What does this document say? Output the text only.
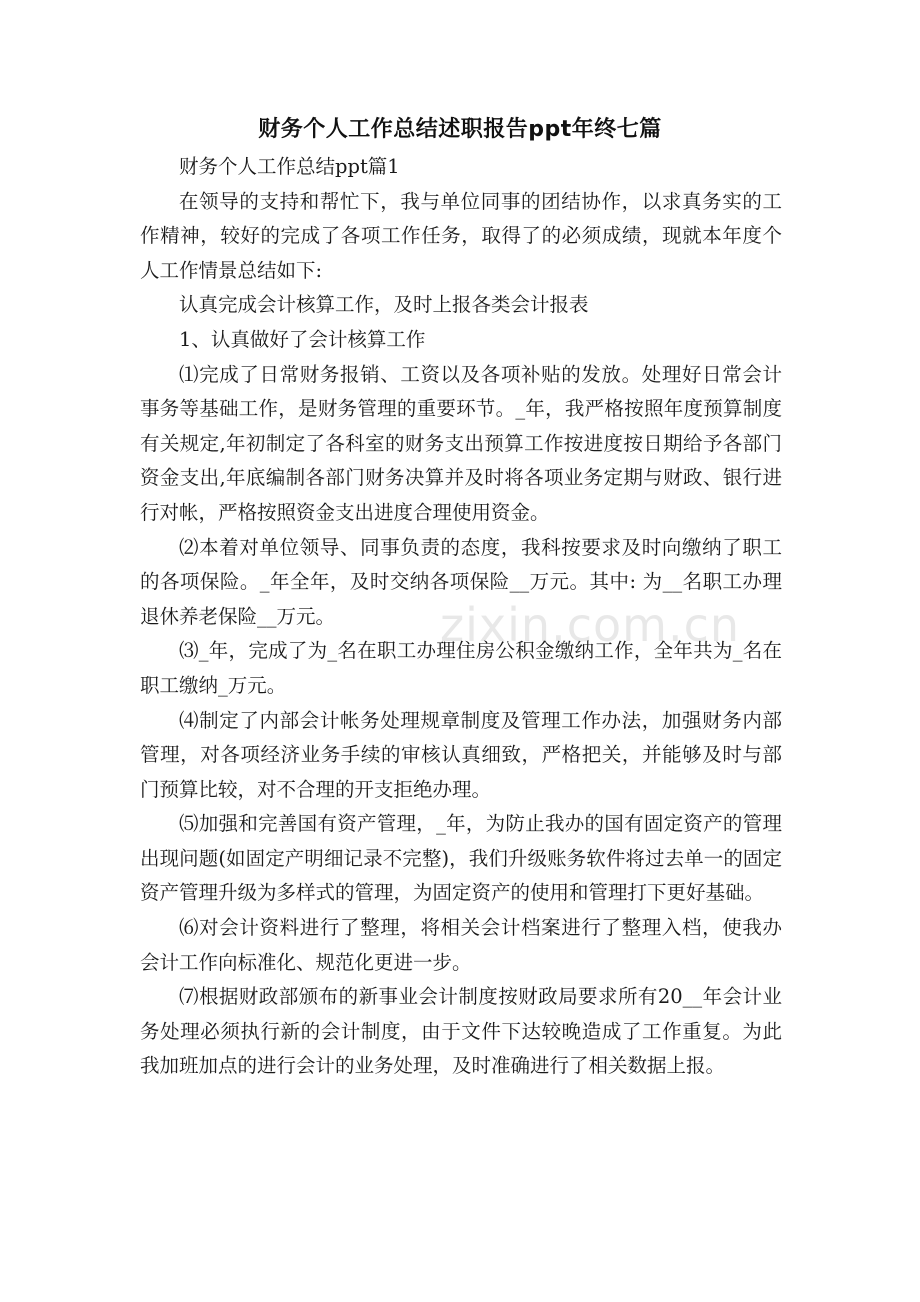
财务个人工作总结述职报告ppt年终七篇

财务个人工作总结ppt篇1

在领导的支持和帮忙下，我与单位同事的团结协作，以求真务实的工作精神，较好的完成了各项工作任务，取得了的必须成绩，现就本年度个人工作情景总结如下:

认真完成会计核算工作，及时上报各类会计报表

1、认真做好了会计核算工作

⑴完成了日常财务报销、工资以及各项补贴的发放。处理好日常会计事务等基础工作，是财务管理的重要环节。_年，我严格按照年度预算制度有关规定,年初制定了各科室的财务支出预算工作按进度按日期给予各部门资金支出,年底编制各部门财务决算并及时将各项业务定期与财政、银行进行对帐，严格按照资金支出进度合理使用资金。

⑵本着对单位领导、同事负责的态度，我科按要求及时向缴纳了职工的各项保险。_年全年，及时交纳各项保险__万元。其中: 为__名职工办理退休养老保险__万元。

⑶_年，完成了为_名在职工办理住房公积金缴纳工作，全年共为_名在职工缴纳_万元。

⑷制定了内部会计帐务处理规章制度及管理工作办法，加强财务内部管理，对各项经济业务手续的审核认真细致，严格把关，并能够及时与部门预算比较，对不合理的开支拒绝办理。

⑸加强和完善国有资产管理，_年，为防止我办的国有固定资产的管理出现问题(如固定产明细记录不完整)，我们升级账务软件将过去单一的固定资产管理升级为多样式的管理，为固定资产的使用和管理打下更好基础。

⑹对会计资料进行了整理，将相关会计档案进行了整理入档，使我办会计工作向标准化、规范化更进一步。

⑺根据财政部颁布的新事业会计制度按财政局要求所有20__年会计业务处理必须执行新的会计制度，由于文件下达较晚造成了工作重复。为此我加班加点的进行会计的业务处理，及时准确进行了相关数据上报。

zixin.com.cn
